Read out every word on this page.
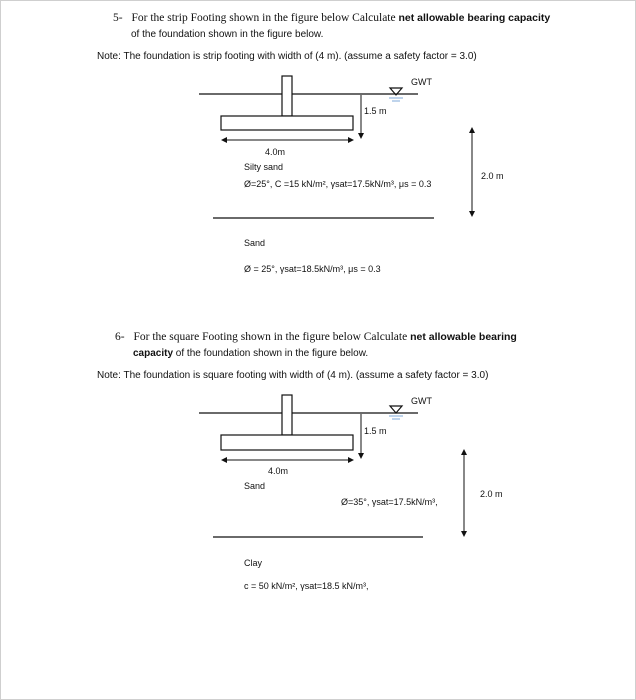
5- For the strip Footing shown in the figure below Calculate net allowable bearing capacity
of the foundation shown in the figure below.
Note: The foundation is strip footing with width of (4 m). (assume a safety factor = 3.0)
GWT
1.5 m
4.0m
Silty sand
Ø=25°, C =15 kN/m², γsat=17.5kN/m³, μs = 0.3
2.0 m
Sand
Ø = 25°, γsat=18.5kN/m³, μs = 0.3
6- For the square Footing shown in the figure below Calculate net allowable bearing
capacity of the foundation shown in the figure below.
Note: The foundation is square footing with width of (4 m). (assume a safety factor = 3.0)
GWT
1.5 m
4.0m
Sand
Ø=35°, γsat=17.5kN/m³,
2.0 m
Clay
c = 50 kN/m², γsat=18.5 kN/m³,
